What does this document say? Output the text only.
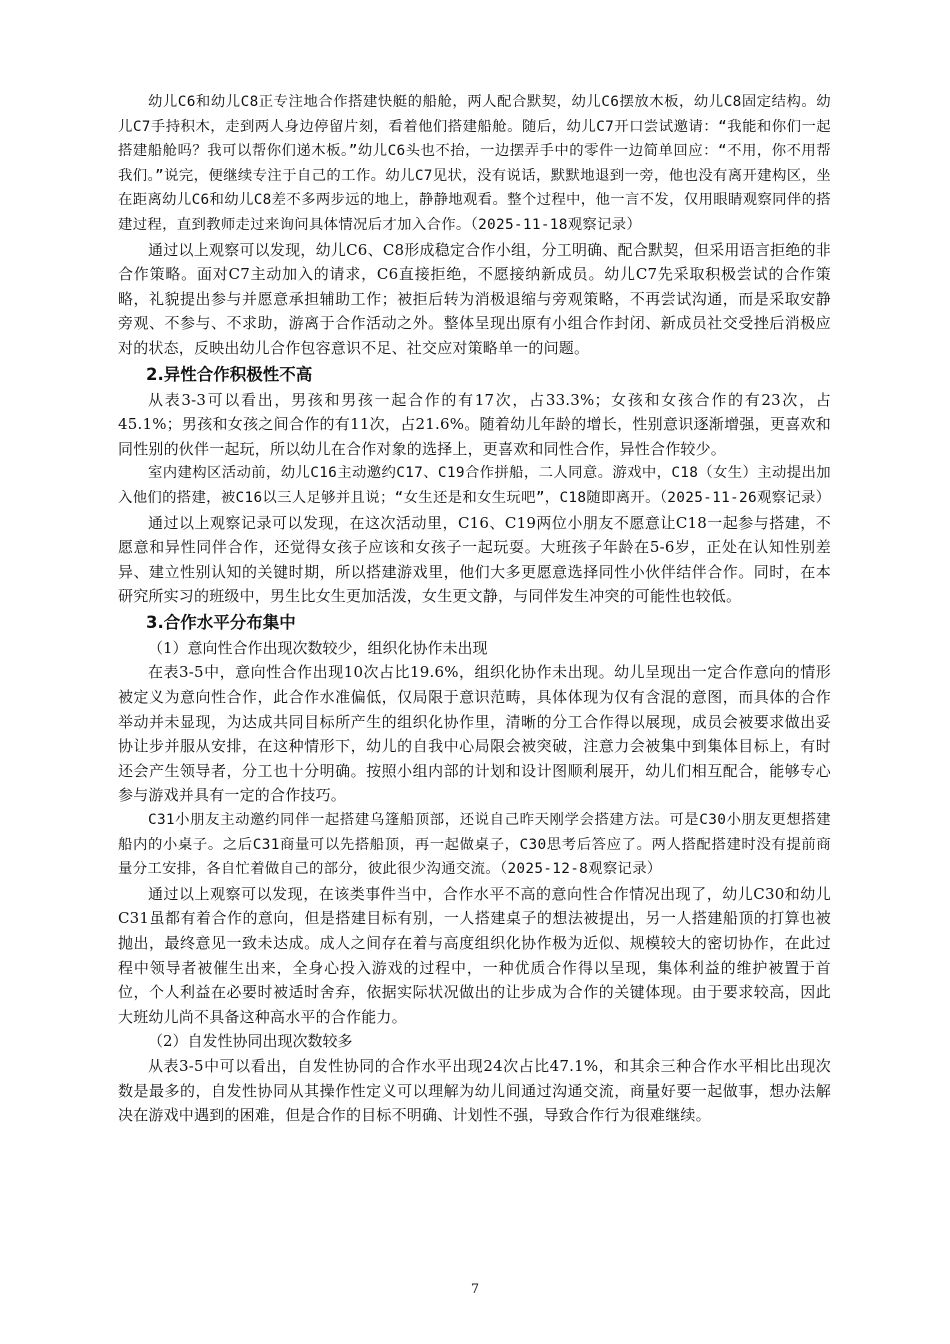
幼儿C6和幼儿C8正专注地合作搭建快艇的船舱，两人配合默契，幼儿C6摆放木板，幼儿C8固定结构。幼儿C7手持积木，走到两人身边停留片刻，看着他们搭建船舱。随后，幼儿C7开口尝试邀请：“我能和你们一起搭建船舱吗？我可以帮你们递木板。”幼儿C6头也不抬，一边摆弄手中的零件一边简单回应：“不用，你不用帮我们。”说完，便继续专注于自己的工作。幼儿C7见状，没有说话，默默地退到一旁，他也没有离开建构区，坐在距离幼儿C6和幼儿C8差不多两步远的地上，静静地观看。整个过程中，他一言不发，仅用眼睛观察同伴的搭建过程，直到教师走过来询问具体情况后才加入合作。（2025-11-18观察记录）

通过以上观察可以发现，幼儿C6、C8形成稳定合作小组，分工明确、配合默契，但采用语言拒绝的非合作策略。面对C7主动加入的请求，C6直接拒绝，不愿接纳新成员。幼儿C7先采取积极尝试的合作策略，礼貌提出参与并愿意承担辅助工作；被拒后转为消极退缩与旁观策略，不再尝试沟通，而是采取安静旁观、不参与、不求助，游离于合作活动之外。整体呈现出原有小组合作封闭、新成员社交受挫后消极应对的状态，反映出幼儿合作包容意识不足、社交应对策略单一的问题。

2.异性合作积极性不高

从表3-3可以看出，男孩和男孩一起合作的有17次，占33.3%；女孩和女孩合作的有23次，占45.1%；男孩和女孩之间合作的有11次，占21.6%。随着幼儿年龄的增长，性别意识逐渐增强，更喜欢和同性别的伙伴一起玩，所以幼儿在合作对象的选择上，更喜欢和同性合作，异性合作较少。

室内建构区活动前，幼儿C16主动邀约C17、C19合作拼船，二人同意。游戏中，C18（女生）主动提出加入他们的搭建，被C16以三人足够并且说；“女生还是和女生玩吧”，C18随即离开。（2025-11-26观察记录）

通过以上观察记录可以发现，在这次活动里，C16、C19两位小朋友不愿意让C18一起参与搭建，不愿意和异性同伴合作，还觉得女孩子应该和女孩子一起玩耍。大班孩子年龄在5-6岁，正处在认知性别差异、建立性别认知的关键时期，所以搭建游戏里，他们大多更愿意选择同性小伙伴结伴合作。同时，在本研究所实习的班级中，男生比女生更加活泼，女生更文静，与同伴发生冲突的可能性也较低。

3.合作水平分布集中

（1）意向性合作出现次数较少，组织化协作未出现

在表3-5中，意向性合作出现10次占比19.6%，组织化协作未出现。幼儿呈现出一定合作意向的情形被定义为意向性合作，此合作水准偏低，仅局限于意识范畴，具体体现为仅有含混的意图，而具体的合作举动并未显现，为达成共同目标所产生的组织化协作里，清晰的分工合作得以展现，成员会被要求做出妥协让步并服从安排，在这种情形下，幼儿的自我中心局限会被突破，注意力会被集中到集体目标上，有时还会产生领导者，分工也十分明确。按照小组内部的计划和设计图顺利展开，幼儿们相互配合，能够专心参与游戏并具有一定的合作技巧。

C31小朋友主动邀约同伴一起搭建乌篷船顶部，还说自己昨天刚学会搭建方法。可是C30小朋友更想搭建船内的小桌子。之后C31商量可以先搭船顶，再一起做桌子，C30思考后答应了。两人搭配搭建时没有提前商量分工安排，各自忙着做自己的部分，彼此很少沟通交流。（2025-12-8观察记录）

通过以上观察可以发现，在该类事件当中，合作水平不高的意向性合作情况出现了，幼儿C30和幼儿C31虽都有着合作的意向，但是搭建目标有别，一人搭建桌子的想法被提出，另一人搭建船顶的打算也被抛出，最终意见一致未达成。成人之间存在着与高度组织化协作极为近似、规模较大的密切协作，在此过程中领导者被催生出来，全身心投入游戏的过程中，一种优质合作得以呈现，集体利益的维护被置于首位，个人利益在必要时被适时舍弃，依据实际状况做出的让步成为合作的关键体现。由于要求较高，因此大班幼儿尚不具备这种高水平的合作能力。

（2）自发性协同出现次数较多

从表3-5中可以看出，自发性协同的合作水平出现24次占比47.1%，和其余三种合作水平相比出现次数是最多的，自发性协同从其操作性定义可以理解为幼儿间通过沟通交流，商量好要一起做事，想办法解决在游戏中遇到的困难，但是合作的目标不明确、计划性不强，导致合作行为很难继续。

7
